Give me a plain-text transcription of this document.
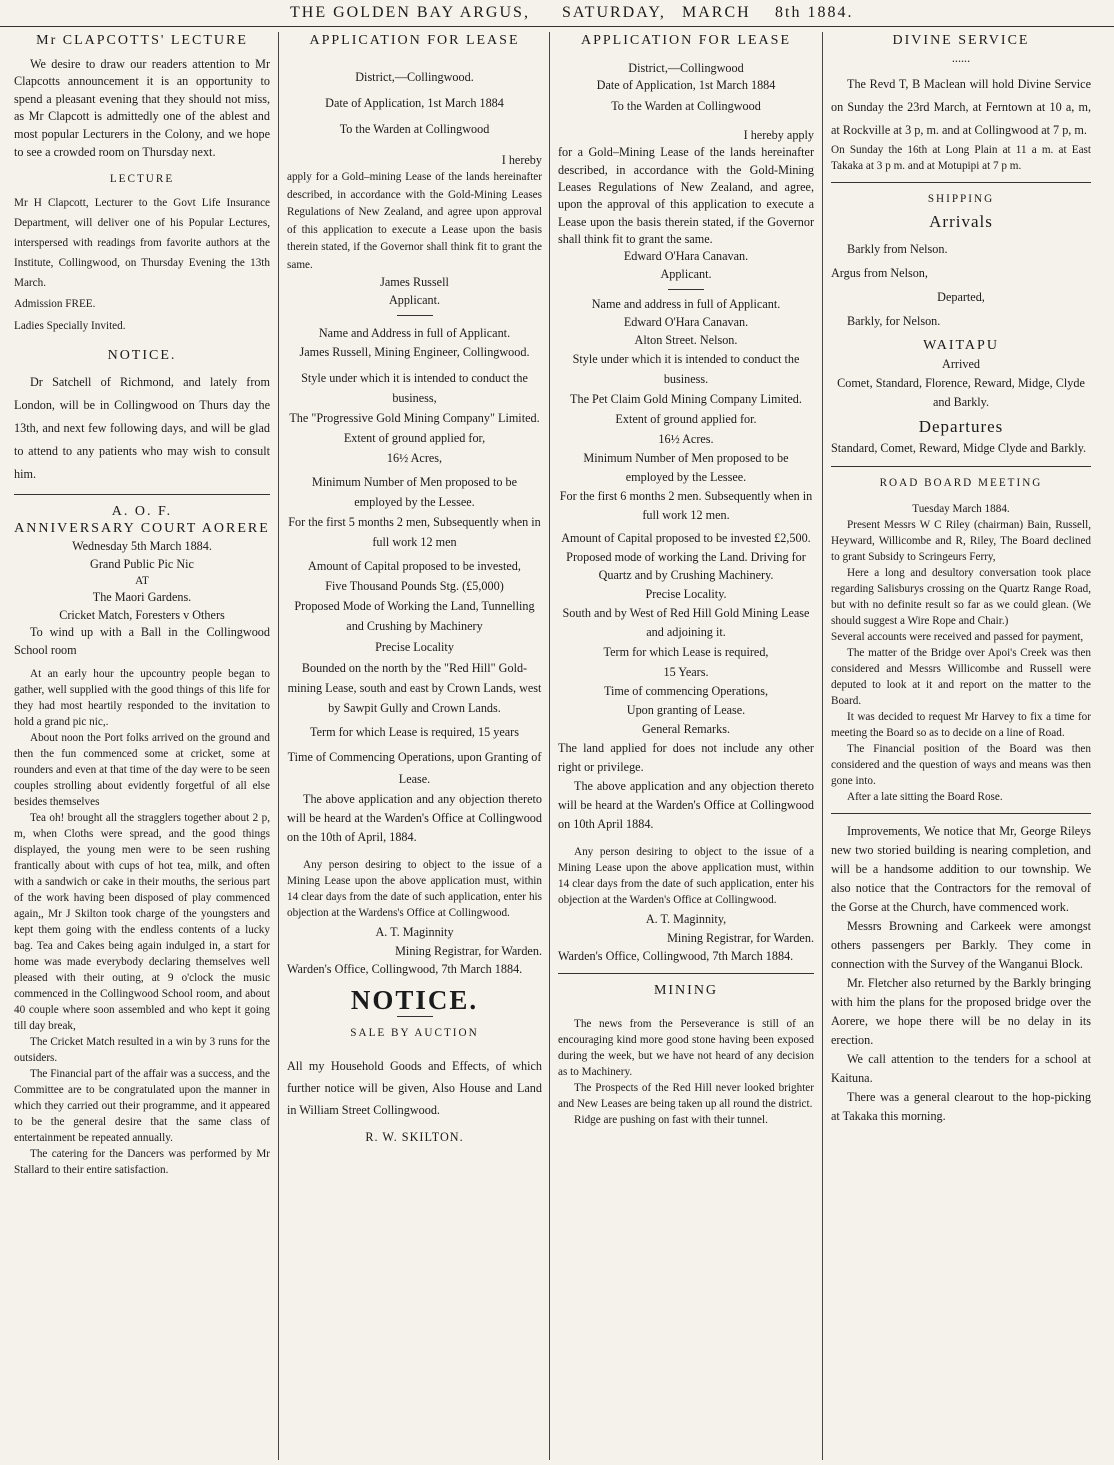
THE GOLDEN BAY ARGUS, SATURDAY, MARCH 8th 1884.
Mr CLAPCOTTS' LECTURE

We desire to draw our readers attention to Mr Clapcotts announcement it is an opportunity to spend a pleasant evening that they should not miss, as Mr Clapcott is admittedly one of the ablest and most popular Lecturers in the Colony, and we hope to see a crowded room on Thursday next.

LECTURE

Mr H Clapcott, Lecturer to the Govt Life Insurance Department, will deliver one of his Popular Lectures, interspersed with readings from favorite authors at the Institute, Collingwood, on Thursday Evening the 13th March.

Admission FREE.

Ladies Specially Invited.

NOTICE.

Dr Satchell of Richmond, and lately from London, will be in Collingwood on Thurs day the 13th, and next few following days, and will be glad to attend to any patients who may wish to consult him.

A. O. F.
ANNIVERSARY COURT AORERE

Wednesday 5th March 1884.

Grand Public Pic Nic

AT

The Maori Gardens.

Cricket Match, Foresters v Others

To wind up with a Ball in the Collingwood School room

At an early hour the upcountry people began to gather, well supplied with the good things of this life for they had most heartily responded to the invitation to hold a grand pic nic,.

About noon the Port folks arrived on the ground and then the fun commenced some at cricket, some at rounders and even at that time of the day were to be seen couples strolling about evidently forgetful of all else besides themselves

Tea oh! brought all the stragglers together about 2 p, m, when Cloths were spread, and the good things displayed, the young men were to be seen rushing frantically about with cups of hot tea, milk, and often with a sandwich or cake in their mouths, the serious part of the work having been disposed of play commenced again,, Mr J Skilton took charge of the youngsters and kept them going with the endless contents of a lucky bag. Tea and Cakes being again indulged in, a start for home was made everybody declaring themselves well pleased with their outing, at 9 o'clock the music commenced in the Collingwood School room, and about 40 couple where soon assembled and who kept it going till day break,

The Cricket Match resulted in a win by 3 runs for the outsiders.

The Financial part of the affair was a success, and the Committee are to be congratulated upon the manner in which they carried out their programme, and it appeared to be the general desire that the same class of entertainment be repeated annually.

The catering for the Dancers was performed by Mr Stallard to their entire satisfaction.

APPLICATION FOR LEASE

District,—Collingwood.

Date of Application, 1st March 1884

To the Warden at Collingwood

I hereby

apply for a Gold–mining Lease of the lands hereinafter described, in accordance with the Gold-Mining Leases Regulations of New Zealand, and agree upon approval of this application to execute a Lease upon the basis therein stated, if the Governor shall think fit to grant the same.

James Russell

Applicant.

Name and Address in full of Applicant.

James Russell, Mining Engineer, Collingwood.

Style under which it is intended to conduct the business,

The "Progressive Gold Mining Company" Limited.

Extent of ground applied for,

16½ Acres,

Minimum Number of Men proposed to be employed by the Lessee.

For the first 5 months 2 men, Subsequently when in full work 12 men

Amount of Capital proposed to be invested,

Five Thousand Pounds Stg. (£5,000)

Proposed Mode of Working the Land, Tunnelling and Crushing by Machinery

Precise Locality

Bounded on the north by the "Red Hill" Gold-mining Lease, south and east by Crown Lands, west by Sawpit Gully and Crown Lands.

Term for which Lease is required, 15 years

Time of Commencing Operations, upon Granting of Lease.

The above application and any objection thereto will be heard at the Warden's Office at Collingwood on the 10th of April, 1884.

Any person desiring to object to the issue of a Mining Lease upon the above application must, within 14 clear days from the date of such application, enter his objection at the Wardens's Office at Collingwood.

A. T. Maginnity

Mining Registrar, for Warden.

Warden's Office, Collingwood, 7th March 1884.

NOTICE.
SALE BY AUCTION

All my Household Goods and Effects, of which further notice will be given, Also House and Land in William Street Collingwood.

R. W. SKILTON.

APPLICATION FOR LEASE

District,—Collingwood

Date of Application, 1st March 1884

To the Warden at Collingwood

I hereby apply

for a Gold–Mining Lease of the lands hereinafter described, in accordance with the Gold-Mining Leases Regulations of New Zealand, and agree, upon the approval of this application to execute a Lease upon the basis therein stated, if the Governor shall think fit to grant the same.

Edward O'Hara Canavan.

Applicant.

Name and address in full of Applicant.

Edward O'Hara Canavan.

Alton Street. Nelson.

Style under which it is intended to conduct the business.

The Pet Claim Gold Mining Company Limited.

Extent of ground applied for.

16½ Acres.

Minimum Number of Men proposed to be employed by the Lessee.

For the first 6 months 2 men. Subsequently when in full work 12 men.

Amount of Capital proposed to be invested £2,500.

Proposed mode of working the Land. Driving for Quartz and by Crushing Machinery.

Precise Locality.

South and by West of Red Hill Gold Mining Lease and adjoining it.

Term for which Lease is required,

15 Years.

Time of commencing Operations,

Upon granting of Lease.

General Remarks.

The land applied for does not include any other right or privilege.

The above application and any objection thereto will be heard at the Warden's Office at Collingwood on 10th April 1884.

Any person desiring to object to the issue of a Mining Lease upon the above application must, within 14 clear days from the date of such application, enter his objection at the Warden's Office at Collingwood.

A. T. Maginnity,

Mining Registrar, for Warden.

Warden's Office, Collingwood, 7th March 1884.

MINING

The news from the Perseverance is still of an encouraging kind more good stone having been exposed during the week, but we have not heard of any decision as to Machinery.

The Prospects of the Red Hill never looked brighter and New Leases are being taken up all round the district.

Ridge are pushing on fast with their tunnel.

DIVINE SERVICE

......

The Revd T, B Maclean will hold Divine Service on Sunday the 23rd March, at Ferntown at 10 a, m, at Rockville at 3 p, m. and at Collingwood at 7 p, m.

On Sunday the 16th at Long Plain at 11 a m. at East Takaka at 3 p m. and at Motupipi at 7 p m.

SHIPPING
Arrivals

Barkly from Nelson.

Argus from Nelson,

Departed,

Barkly, for Nelson.

WAITAPU

Arrived

Comet, Standard, Florence, Reward, Midge, Clyde and Barkly.

Departures

Standard, Comet, Reward, Midge Clyde and Barkly.

ROAD BOARD MEETING

Tuesday March 1884.

Present Messrs W C Riley (chairman) Bain, Russell, Heyward, Willicombe and R, Riley, The Board declined to grant Subsidy to Scringeurs Ferry,

Here a long and desultory conversation took place regarding Salisburys crossing on the Quartz Range Road, but with no definite result so far as we could glean. (We should suggest a Wire Rope and Chair.)

Several accounts were received and passed for payment,

The matter of the Bridge over Apoi's Creek was then considered and Messrs Willicombe and Russell were deputed to look at it and report on the matter to the Board.

It was decided to request Mr Harvey to fix a time for meeting the Board so as to decide on a line of Road.

The Financial position of the Board was then considered and the question of ways and means was then gone into.

After a late sitting the Board Rose.

Improvements, We notice that Mr, George Rileys new two storied building is nearing completion, and will be a handsome addition to our township. We also notice that the Contractors for the removal of the Gorse at the Church, have commenced work.

Messrs Browning and Carkeek were amongst others passengers per Barkly. They come in connection with the Survey of the Wanganui Block.

Mr. Fletcher also returned by the Barkly bringing with him the plans for the proposed bridge over the Aorere, we hope there will be no delay in its erection.

We call attention to the tenders for a school at Kaituna.

There was a general clearout to the hop-picking at Takaka this morning.
